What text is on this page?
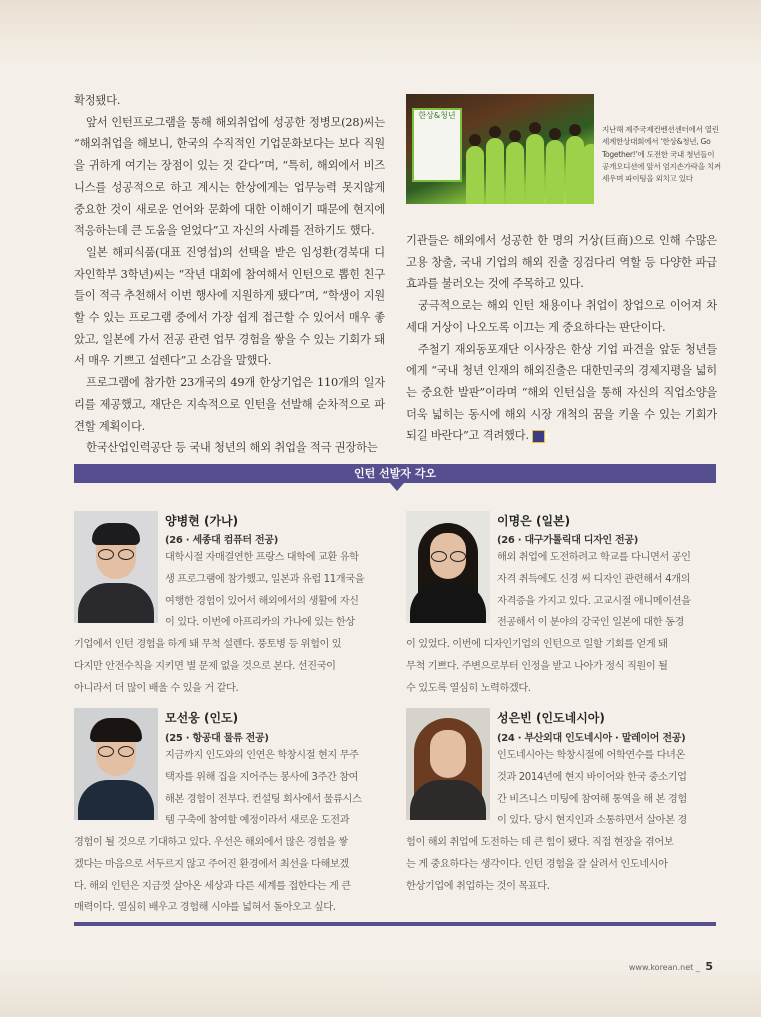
확정됐다.

앞서 인턴프로그램을 통해 해외취업에 성공한 정병모(28)씨는 “해외취업을 해보니, 한국의 수직적인 기업문화보다는 보다 직원을 귀하게 여기는 장점이 있는 것 같다”며, “특히, 해외에서 비즈니스를 성공적으로 하고 계시는 한상에게는 업무능력 못지않게 중요한 것이 새로운 언어와 문화에 대한 이해이기 때문에 현지에 적응하는데 큰 도움을 얻었다”고 자신의 사례를 전하기도 했다.

일본 해피식품(대표 진영섭)의 선택을 받은 임성환(경북대 디자인학부 3학년)씨는 “작년 대회에 참여해서 인턴으로 뽑힌 친구들이 적극 추천해서 이번 행사에 지원하게 됐다”며, “학생이 지원할 수 있는 프로그램 중에서 가장 쉽게 접근할 수 있어서 매우 좋았고, 일본에 가서 전공 관련 업무 경험을 쌓을 수 있는 기회가 돼서 매우 기쁘고 설렌다”고 소감을 말했다.

프로그램에 참가한 23개국의 49개 한상기업은 110개의 일자리를 제공했고, 재단은 지속적으로 인턴을 선발해 순차적으로 파견할 계획이다.

한국산업인력공단 등 국내 청년의 해외 취업을 적극 권장하는

한상&청년
지난해 제주국제컨벤션센터에서 열린 세계한상대회에서 ‘한상&청년, Go Together!’에 도전한 국내 청년들이 공개오디션에 앞서 엄지손가락을 치켜세우며 파이팅을 외치고 있다

기관들은 해외에서 성공한 한 명의 거상(巨商)으로 인해 수많은 고용 창출, 국내 기업의 해외 진출 징검다리 역할 등 다양한 파급효과를 불러오는 것에 주목하고 있다.

궁극적으로는 해외 인턴 채용이나 취업이 창업으로 이어져 차세대 거상이 나오도록 이끄는 게 중요하다는 판단이다.

주철기 재외동포재단 이사장은 한상 기업 파견을 앞둔 청년들에게 “국내 청년 인재의 해외진출은 대한민국의 경제지평을 넓히는 중요한 발판”이라며 “해외 인턴십을 통해 자신의 직업소양을 더욱 넓히는 동시에 해외 시장 개척의 꿈을 키울 수 있는 기회가 되길 바란다”고 격려했다. K

인턴 선발자 각오
양병현 (가나)
(26 · 세종대 컴퓨터 전공)
대학시절 자매결연한 프랑스 대학에 교환 유학
생 프로그램에 참가했고, 일본과 유럽 11개국을
여행한 경험이 있어서 해외에서의 생활에 자신
이 있다. 이번에 아프리카의 가나에 있는 한상
기업에서 인턴 경험을 하게 돼 무척 설렌다. 풍토병 등 위험이 있
다지만 안전수칙을 지키면 별 문제 없을 것으로 본다. 선진국이
아니라서 더 많이 배울 수 있을 거 같다.
이명은 (일본)
(26 · 대구가톨릭대 디자인 전공)
해외 취업에 도전하려고 학교를 다니면서 공인
자격 취득에도 신경 써 디자인 관련해서 4개의
자격증을 가지고 있다. 고교시절 애니메이션을
전공해서 이 분야의 강국인 일본에 대한 동경
이 있었다. 이번에 디자인기업의 인턴으로 일할 기회를 얻게 돼
무척 기쁘다. 주변으로부터 인정을 받고 나아가 정식 직원이 될
수 있도록 열심히 노력하겠다.
모선웅 (인도)
(25 · 항공대 물류 전공)
지금까지 인도와의 인연은 학창시절 현지 무주
택자를 위해 집을 지어주는 봉사에 3주간 참여
해본 경험이 전부다. 컨설팅 회사에서 물류시스
템 구축에 참여할 예정이라서 새로운 도전과
경험이 될 것으로 기대하고 있다. 우선은 해외에서 많은 경험을 쌓
겠다는 마음으로 서두르지 않고 주어진 환경에서 최선을 다해보겠
다. 해외 인턴은 지금껏 살아온 세상과 다른 세계를 접한다는 게 큰
매력이다. 열심히 배우고 경험해 시야를 넓혀서 돌아오고 싶다.
성은빈 (인도네시아)
(24 · 부산외대 인도네시아 · 말레이어 전공)
인도네시아는 학창시절에 어학연수를 다녀온
것과 2014년에 현지 바이어와 한국 중소기업
간 비즈니스 미팅에 참여해 통역을 해 본 경험
이 있다. 당시 현지인과 소통하면서 살아본 경
험이 해외 취업에 도전하는 데 큰 힘이 됐다. 직접 현장을 겪어보
는 게 중요하다는 생각이다. 인턴 경험을 잘 살려서 인도네시아
한상기업에 취업하는 것이 목표다.
www.korean.net _ 5
